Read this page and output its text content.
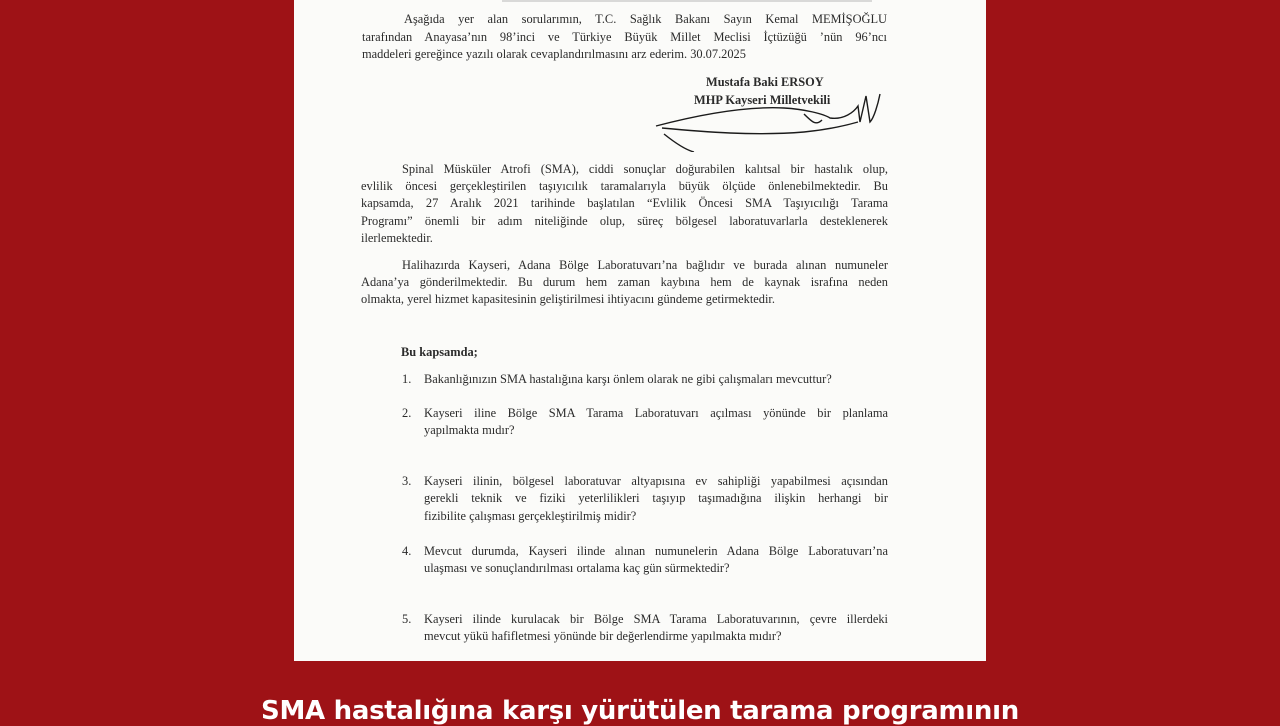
Aşağıda yer alan sorularımın, T.C. Sağlık Bakanı Sayın Kemal MEMİŞOĞLU
tarafından Anayasa’nın 98’inci ve Türkiye Büyük Millet Meclisi İçtüzüğü ’nün 96’ncı
maddeleri gereğince yazılı olarak cevaplandırılmasını arz ederim. 30.07.2025
Mustafa Baki ERSOY
MHP Kayseri Milletvekili
Spinal Müsküler Atrofi (SMA), ciddi sonuçlar doğurabilen kalıtsal bir hastalık olup,
evlilik öncesi gerçekleştirilen taşıyıcılık taramalarıyla büyük ölçüde önlenebilmektedir. Bu
kapsamda, 27 Aralık 2021 tarihinde başlatılan “Evlilik Öncesi SMA Taşıyıcılığı Tarama
Programı” önemli bir adım niteliğinde olup, süreç bölgesel laboratuvarlarla desteklenerek
ilerlemektedir.
Halihazırda Kayseri, Adana Bölge Laboratuvarı’na bağlıdır ve burada alınan numuneler
Adana’ya gönderilmektedir. Bu durum hem zaman kaybına hem de kaynak israfına neden
olmakta, yerel hizmet kapasitesinin geliştirilmesi ihtiyacını gündeme getirmektedir.
Bu kapsamda;
1. Bakanlığınızın SMA hastalığına karşı önlem olarak ne gibi çalışmaları mevcuttur?
2. Kayseri iline Bölge SMA Tarama Laboratuvarı açılması yönünde bir planlama
yapılmakta mıdır?
3. Kayseri ilinin, bölgesel laboratuvar altyapısına ev sahipliği yapabilmesi açısından
gerekli teknik ve fiziki yeterlilikleri taşıyıp taşımadığına ilişkin herhangi bir
fizibilite çalışması gerçekleştirilmiş midir?
4. Mevcut durumda, Kayseri ilinde alınan numunelerin Adana Bölge Laboratuvarı’na
ulaşması ve sonuçlandırılması ortalama kaç gün sürmektedir?
5. Kayseri ilinde kurulacak bir Bölge SMA Tarama Laboratuvarının, çevre illerdeki
mevcut yükü hafifletmesi yönünde bir değerlendirme yapılmakta mıdır?
SMA hastalığına karşı yürütülen tarama programının
